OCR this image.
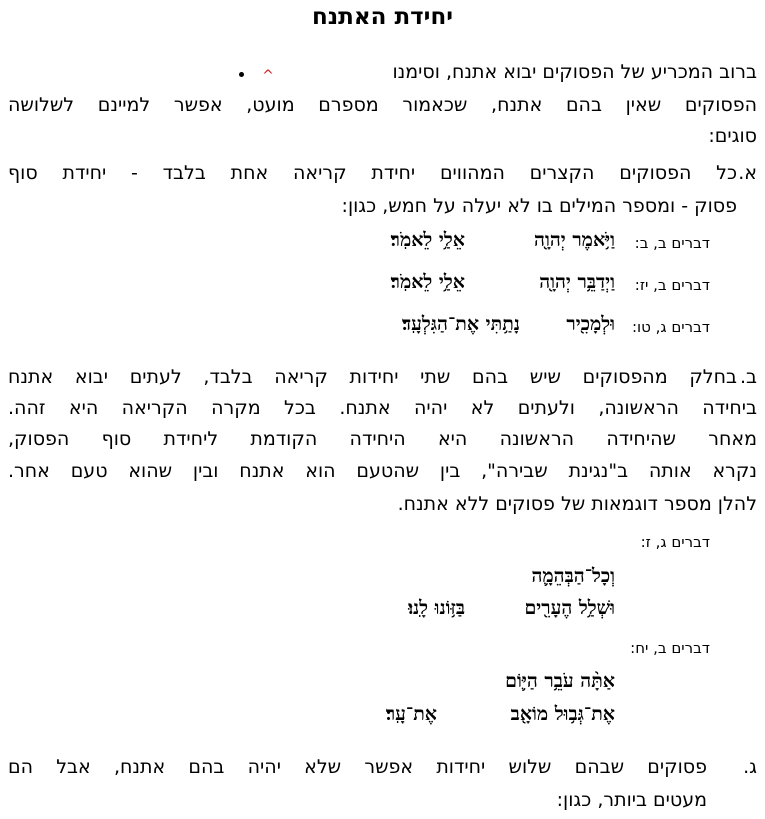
יחידת האתנח
ברוב המכריע של הפסוקים יבוא אתנח, וסימנו
^
הפסוקים שאין בהם אתנח, שכאמור מספרם מועט, אפשר למיינם לשלושה
סוגים:
א.
כל הפסוקים הקצרים המהווים יחידת קריאה אחת בלבד - יחידת סוף
פסוק - ומספר המילים בו לא יעלה על חמש, כגון:
דברים ב, ב:
וַיֹּ֥אמֶר יְהוָ֖ה
אֵלַ֥י לֵאמֹֽר׃
דברים ב, יז:
וַיְדַבֵּ֥ר יְהוָ֖ה
אֵלַ֥י לֵאמֹֽר׃
דברים ג, טו:
וּלְמָכִ֖יר
נָתַ֥תִּי אֶת־הַגִּלְעָֽד׃
ב.
בחלק מהפסוקים שיש בהם שתי יחידות קריאה בלבד, לעתים יבוא אתנח
ביחידה הראשונה, ולעתים לא יהיה אתנח. בכל מקרה הקריאה היא זהה.
מאחר שהיחידה הראשונה היא היחידה הקודמת ליחידת סוף הפסוק,
נקרא אותה ב"נגינת שבירה", בין שהטעם הוא אתנח ובין שהוא טעם אחר.
להלן מספר דוגמאות של פסוקים ללא אתנח.
דברים ג, ז:
וְכָל־הַבְּהֵמָ֛ה
וּשְׁלַ֥ל הֶעָרִ֖ים
בַּזּ֥וֹנוּ לָֽנוּ׃
דברים ב, יח:
אַתָּ֨ה עֹבֵ֥ר הַיּ֛וֹם
אֶת־גְּב֥וּל מוֹאָ֖ב
אֶת־עָֽר׃
ג.
פסוקים שבהם שלוש יחידות אפשר שלא יהיה בהם אתנח, אבל הם
מעטים ביותר, כגון:
